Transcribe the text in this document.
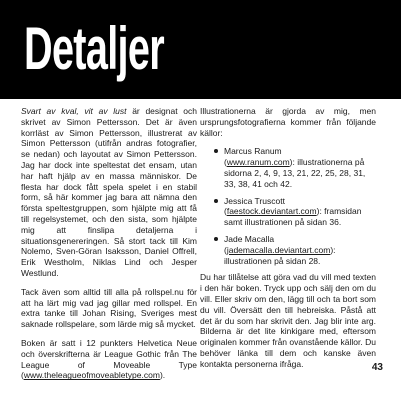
Detaljer

Svart av kval, vit av lust är designat och skrivet av Simon Pettersson. Det är även korrläst av Simon Pettersson, illustrerat av Simon Pettersson (utifrån andras fotografier, se nedan) och layoutat av Simon Pettersson. Jag har dock inte speltestat det ensam, utan har haft hjälp av en massa människor. De flesta har dock fått spela spelet i en stabil form, så här kommer jag bara att nämna den första speltestgruppen, som hjälpte mig att få till regelsystemet, och den sista, som hjälpte mig att finslipa detaljerna i situationsgenereringen. Så stort tack till Kim Nolemo, Sven-Göran Isaksson, Daniel Offrell, Erik Westholm, Niklas Lind och Jesper Westlund.

Tack även som alltid till alla på rollspel.nu för att ha lärt mig vad jag gillar med rollspel. En extra tanke till Johan Rising, Sveriges mest saknade rollspelare, som lärde mig så mycket.

Boken är satt i 12 punkters Helvetica Neue och överskrifterna är League Gothic från The League of Moveable Type (www.theleagueofmoveabletype.com).

Illustrationerna är gjorda av mig, men ursprungsfotografierna kommer från följande källor:

Marcus Ranum
(www.ranum.com): illustrationerna på sidorna 2, 4, 9, 13, 21, 22, 25, 28, 31, 33, 38, 41 och 42.
Jessica Truscott
(faestock.deviantart.com): framsidan samt illustrationen på sidan 36.
Jade Macalla
(jademacalla.deviantart.com): illustrationen på sidan 28.

Du har tillåtelse att göra vad du vill med texten i den här boken. Tryck upp och sälj den om du vill. Eller skriv om den, lägg till och ta bort som du vill. Översätt den till hebreiska. Påstå att det är du som har skrivit den. Jag blir inte arg. Bilderna är det lite kinkigare med, eftersom originalen kommer från ovanstående källor. Du behöver länka till dem och kanske även kontakta personerna ifråga.	43
